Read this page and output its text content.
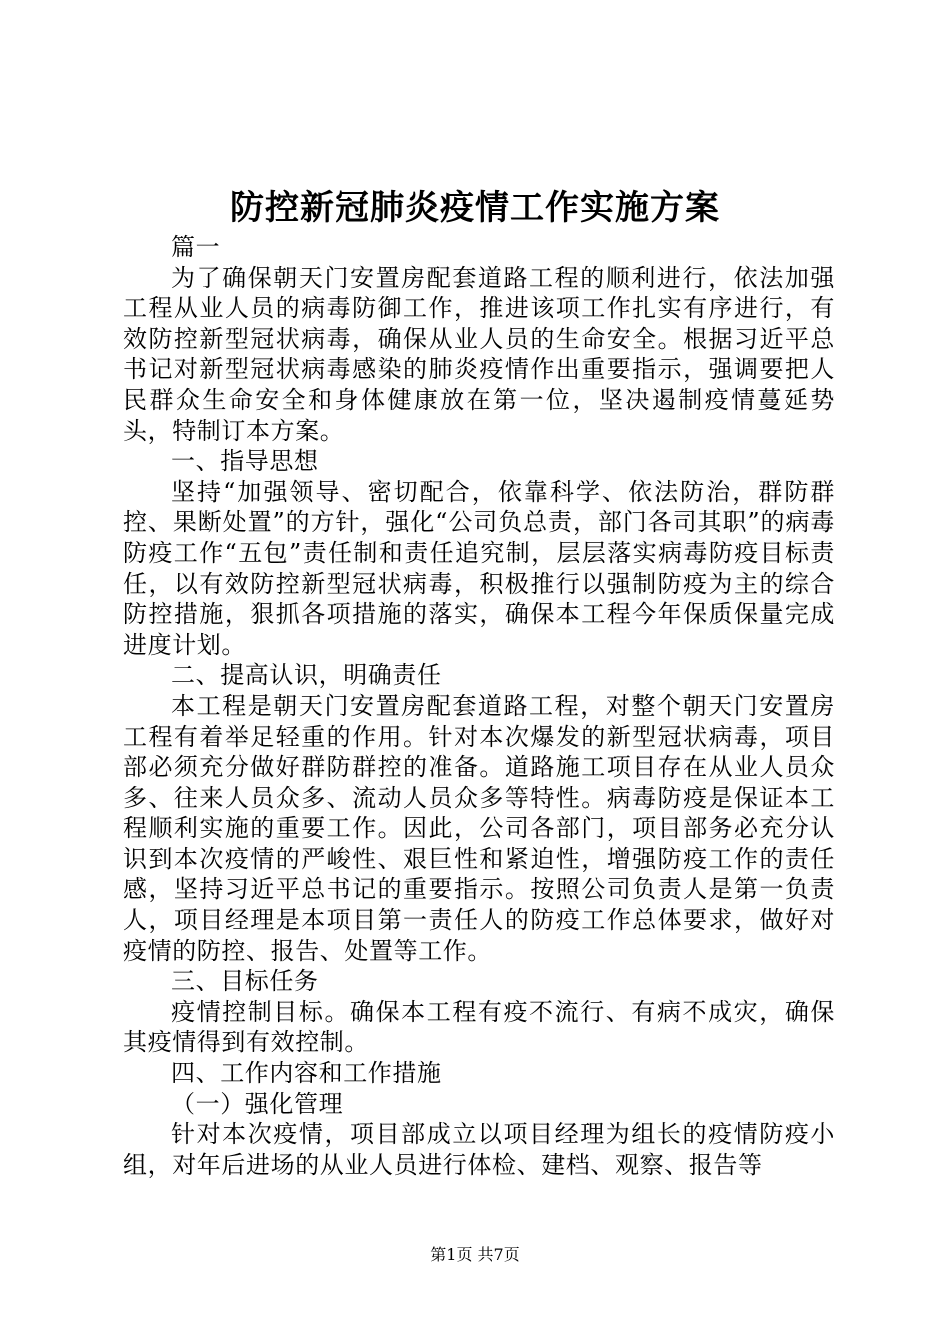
防控新冠肺炎疫情工作实施方案

篇一

为了确保朝天门安置房配套道路工程的顺利进行，依法加强工程从业人员的病毒防御工作，推进该项工作扎实有序进行，有效防控新型冠状病毒，确保从业人员的生命安全。根据习近平总书记对新型冠状病毒感染的肺炎疫情作出重要指示，强调要把人民群众生命安全和身体健康放在第一位，坚决遏制疫情蔓延势头，特制订本方案。

一、指导思想

坚持“加强领导、密切配合，依靠科学、依法防治，群防群控、果断处置”的方针，强化“公司负总责，部门各司其职”的病毒防疫工作“五包”责任制和责任追究制，层层落实病毒防疫目标责任，以有效防控新型冠状病毒，积极推行以强制防疫为主的综合防控措施，狠抓各项措施的落实，确保本工程今年保质保量完成进度计划。

二、提高认识，明确责任

本工程是朝天门安置房配套道路工程，对整个朝天门安置房工程有着举足轻重的作用。针对本次爆发的新型冠状病毒，项目部必须充分做好群防群控的准备。道路施工项目存在从业人员众多、往来人员众多、流动人员众多等特性。病毒防疫是保证本工程顺利实施的重要工作。因此，公司各部门，项目部务必充分认识到本次疫情的严峻性、艰巨性和紧迫性，增强防疫工作的责任感，坚持习近平总书记的重要指示。按照公司负责人是第一负责人，项目经理是本项目第一责任人的防疫工作总体要求，做好对疫情的防控、报告、处置等工作。

三、目标任务

疫情控制目标。确保本工程有疫不流行、有病不成灾，确保其疫情得到有效控制。

四、工作内容和工作措施

（一）强化管理

针对本次疫情，项目部成立以项目经理为组长的疫情防疫小组，对年后进场的从业人员进行体检、建档、观察、报告等

第1页 共7页
